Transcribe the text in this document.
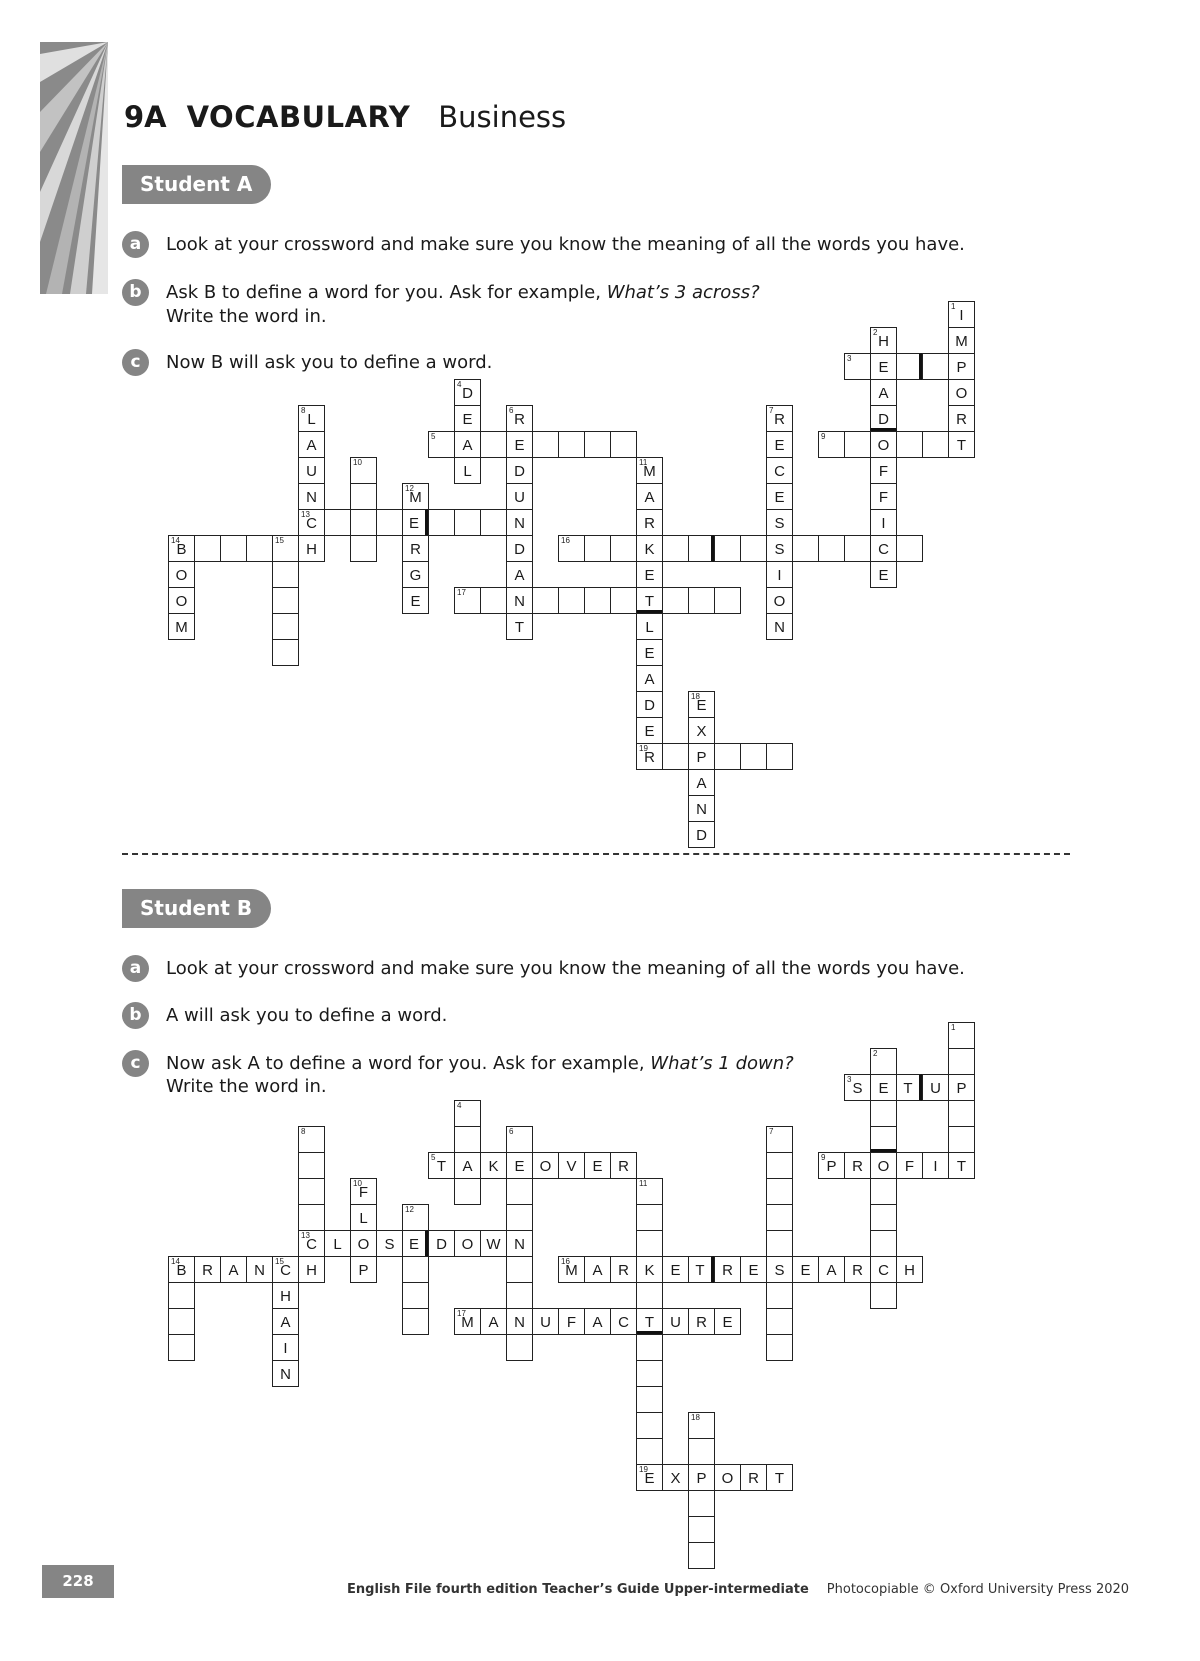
9A VOCABULARY Business
Student A
a	Look at your crossword and make sure you know the meaning of all the words you have.
b	Ask B to define a word for you. Ask for example, What’s 3 across?
Write the word in.
c	Now B will ask you to define a word.
I
1
M
P
O
R
T
H
2
E
A
D
O
F
F
I
C
E
3
D
4
E
A
L
5
E
R
6
D
U
N
D
A
N
T
R
7
E
C
E
S
S
I
O
N
L
8
A
U
N
C
13
H
9
10
M
11
A
R
K
E
T
L
E
A
D
E
R
19
M
12
E
R
G
E
B
14
O
O
M
15	16
17
E
18
X
P
A
N
D
Student B
a	Look at your crossword and make sure you know the meaning of all the words you have.
b	A will ask you to define a word.
c	Now ask A to define a word for you. Ask for example, What’s 1 down?
Write the word in.
1
P
T
2
E
O
C
S
3
T	U
4
A
T
5
K	E	O	V	E	R
6
N
N
7
S
8
C
13
H
P
9
R	F	I
F
10
L
O
P
11
K
T
E
19
12
E
L	S	D O W
B
14
R	A	N	C
15
H
A
I
N
M
16
A	R	E T	R	E	E	A	R	H
M
17
A	U	F	A	C	U	R	E
18
P
X	O R	T
228	English File fourth edition Teacher’s Guide Upper-intermediate Photocopiable © Oxford University Press 2020
